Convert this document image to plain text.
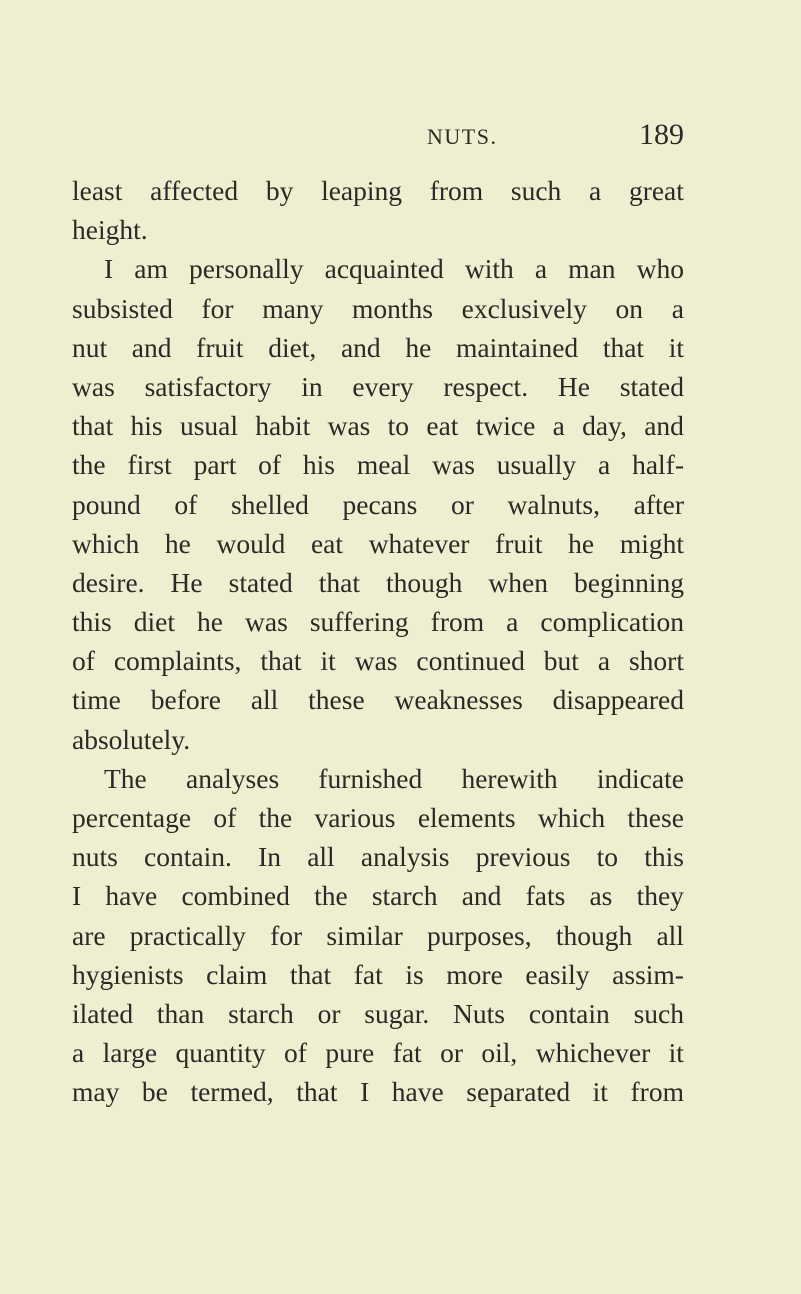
NUTS.	189
least affected by leaping from such a great
height.
I am personally acquainted with a man who
subsisted for many months exclusively on a
nut and fruit diet, and he maintained that it
was satisfactory in every respect. He stated
that his usual habit was to eat twice a day, and
the first part of his meal was usually a half-
pound of shelled pecans or walnuts, after
which he would eat whatever fruit he might
desire. He stated that though when beginning
this diet he was suffering from a complication
of complaints, that it was continued but a short
time before all these weaknesses disappeared
absolutely.
The analyses furnished herewith indicate
percentage of the various elements which these
nuts contain. In all analysis previous to this
I have combined the starch and fats as they
are practically for similar purposes, though all
hygienists claim that fat is more easily assim-
ilated than starch or sugar. Nuts contain such
a large quantity of pure fat or oil, whichever it
may be termed, that I have separated it from
